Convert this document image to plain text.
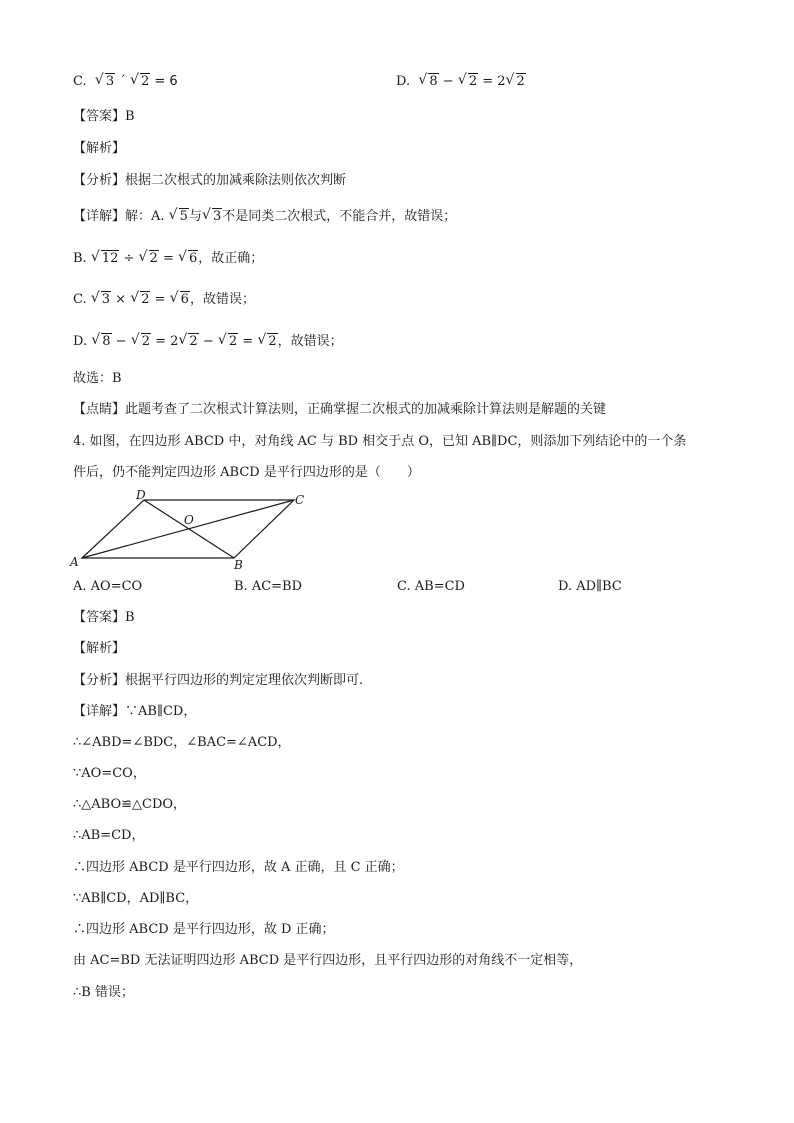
C. √ 3 ´ √ 2 = 6	D. √ 8 − √ 2 = 2 √ 2
【答案】B
【解析】
【分析】根据二次根式的加减乘除法则依次判断
【详解】解：A. √ 5与 √ 3不是同类二次根式，不能合并，故错误；
B. √ 12 ÷ √ 2 = √ 6，故正确；
C. √ 3 × √ 2 = √ 6，故错误；
D. √ 8 − √ 2 = 2 √ 2 − √ 2 = √ 2，故错误；
故选：B
【点睛】此题考查了二次根式计算法则，正确掌握二次根式的加减乘除计算法则是解题的关键
4. 如图，在四边形 ABCD 中，对角线 AC 与 BD 相交于点 O，已知 AB∥DC，则添加下列结论中的一个条
件后，仍不能判定四边形 ABCD 是平行四边形的是（　　）
A	B
C
D
O
A. AO=CO	B. AC=BD	C. AB=CD	D. AD∥BC
【答案】B
【解析】
【分析】根据平行四边形的判定定理依次判断即可.
【详解】∵AB∥CD，
∴∠ABD=∠BDC，∠BAC=∠ACD，
∵AO=CO，
∴△ABO≌△CDO，
∴AB=CD，
∴四边形 ABCD 是平行四边形，故 A 正确，且 C 正确；
∵AB∥CD，AD∥BC，
∴四边形 ABCD 是平行四边形，故 D 正确；
由 AC=BD 无法证明四边形 ABCD 是平行四边形，且平行四边形的对角线不一定相等，
∴B 错误；
